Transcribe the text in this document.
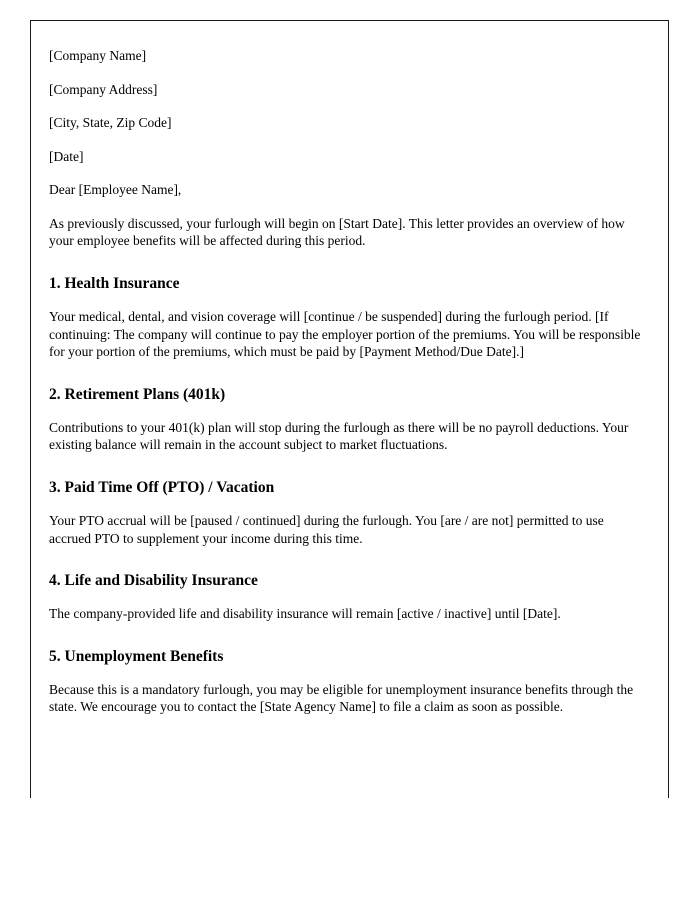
[Company Name]

[Company Address]

[City, State, Zip Code]

[Date]

Dear [Employee Name],

As previously discussed, your furlough will begin on [Start Date]. This letter provides an overview of how your employee benefits will be affected during this period.

1. Health Insurance

Your medical, dental, and vision coverage will [continue / be suspended] during the furlough period. [If continuing: The company will continue to pay the employer portion of the premiums. You will be responsible for your portion of the premiums, which must be paid by [Payment Method/Due Date].]

2. Retirement Plans (401k)

Contributions to your 401(k) plan will stop during the furlough as there will be no payroll deductions. Your existing balance will remain in the account subject to market fluctuations.

3. Paid Time Off (PTO) / Vacation

Your PTO accrual will be [paused / continued] during the furlough. You [are / are not] permitted to use accrued PTO to supplement your income during this time.

4. Life and Disability Insurance

The company-provided life and disability insurance will remain [active / inactive] until [Date].

5. Unemployment Benefits

Because this is a mandatory furlough, you may be eligible for unemployment insurance benefits through the state. We encourage you to contact the [State Agency Name] to file a claim as soon as possible.
